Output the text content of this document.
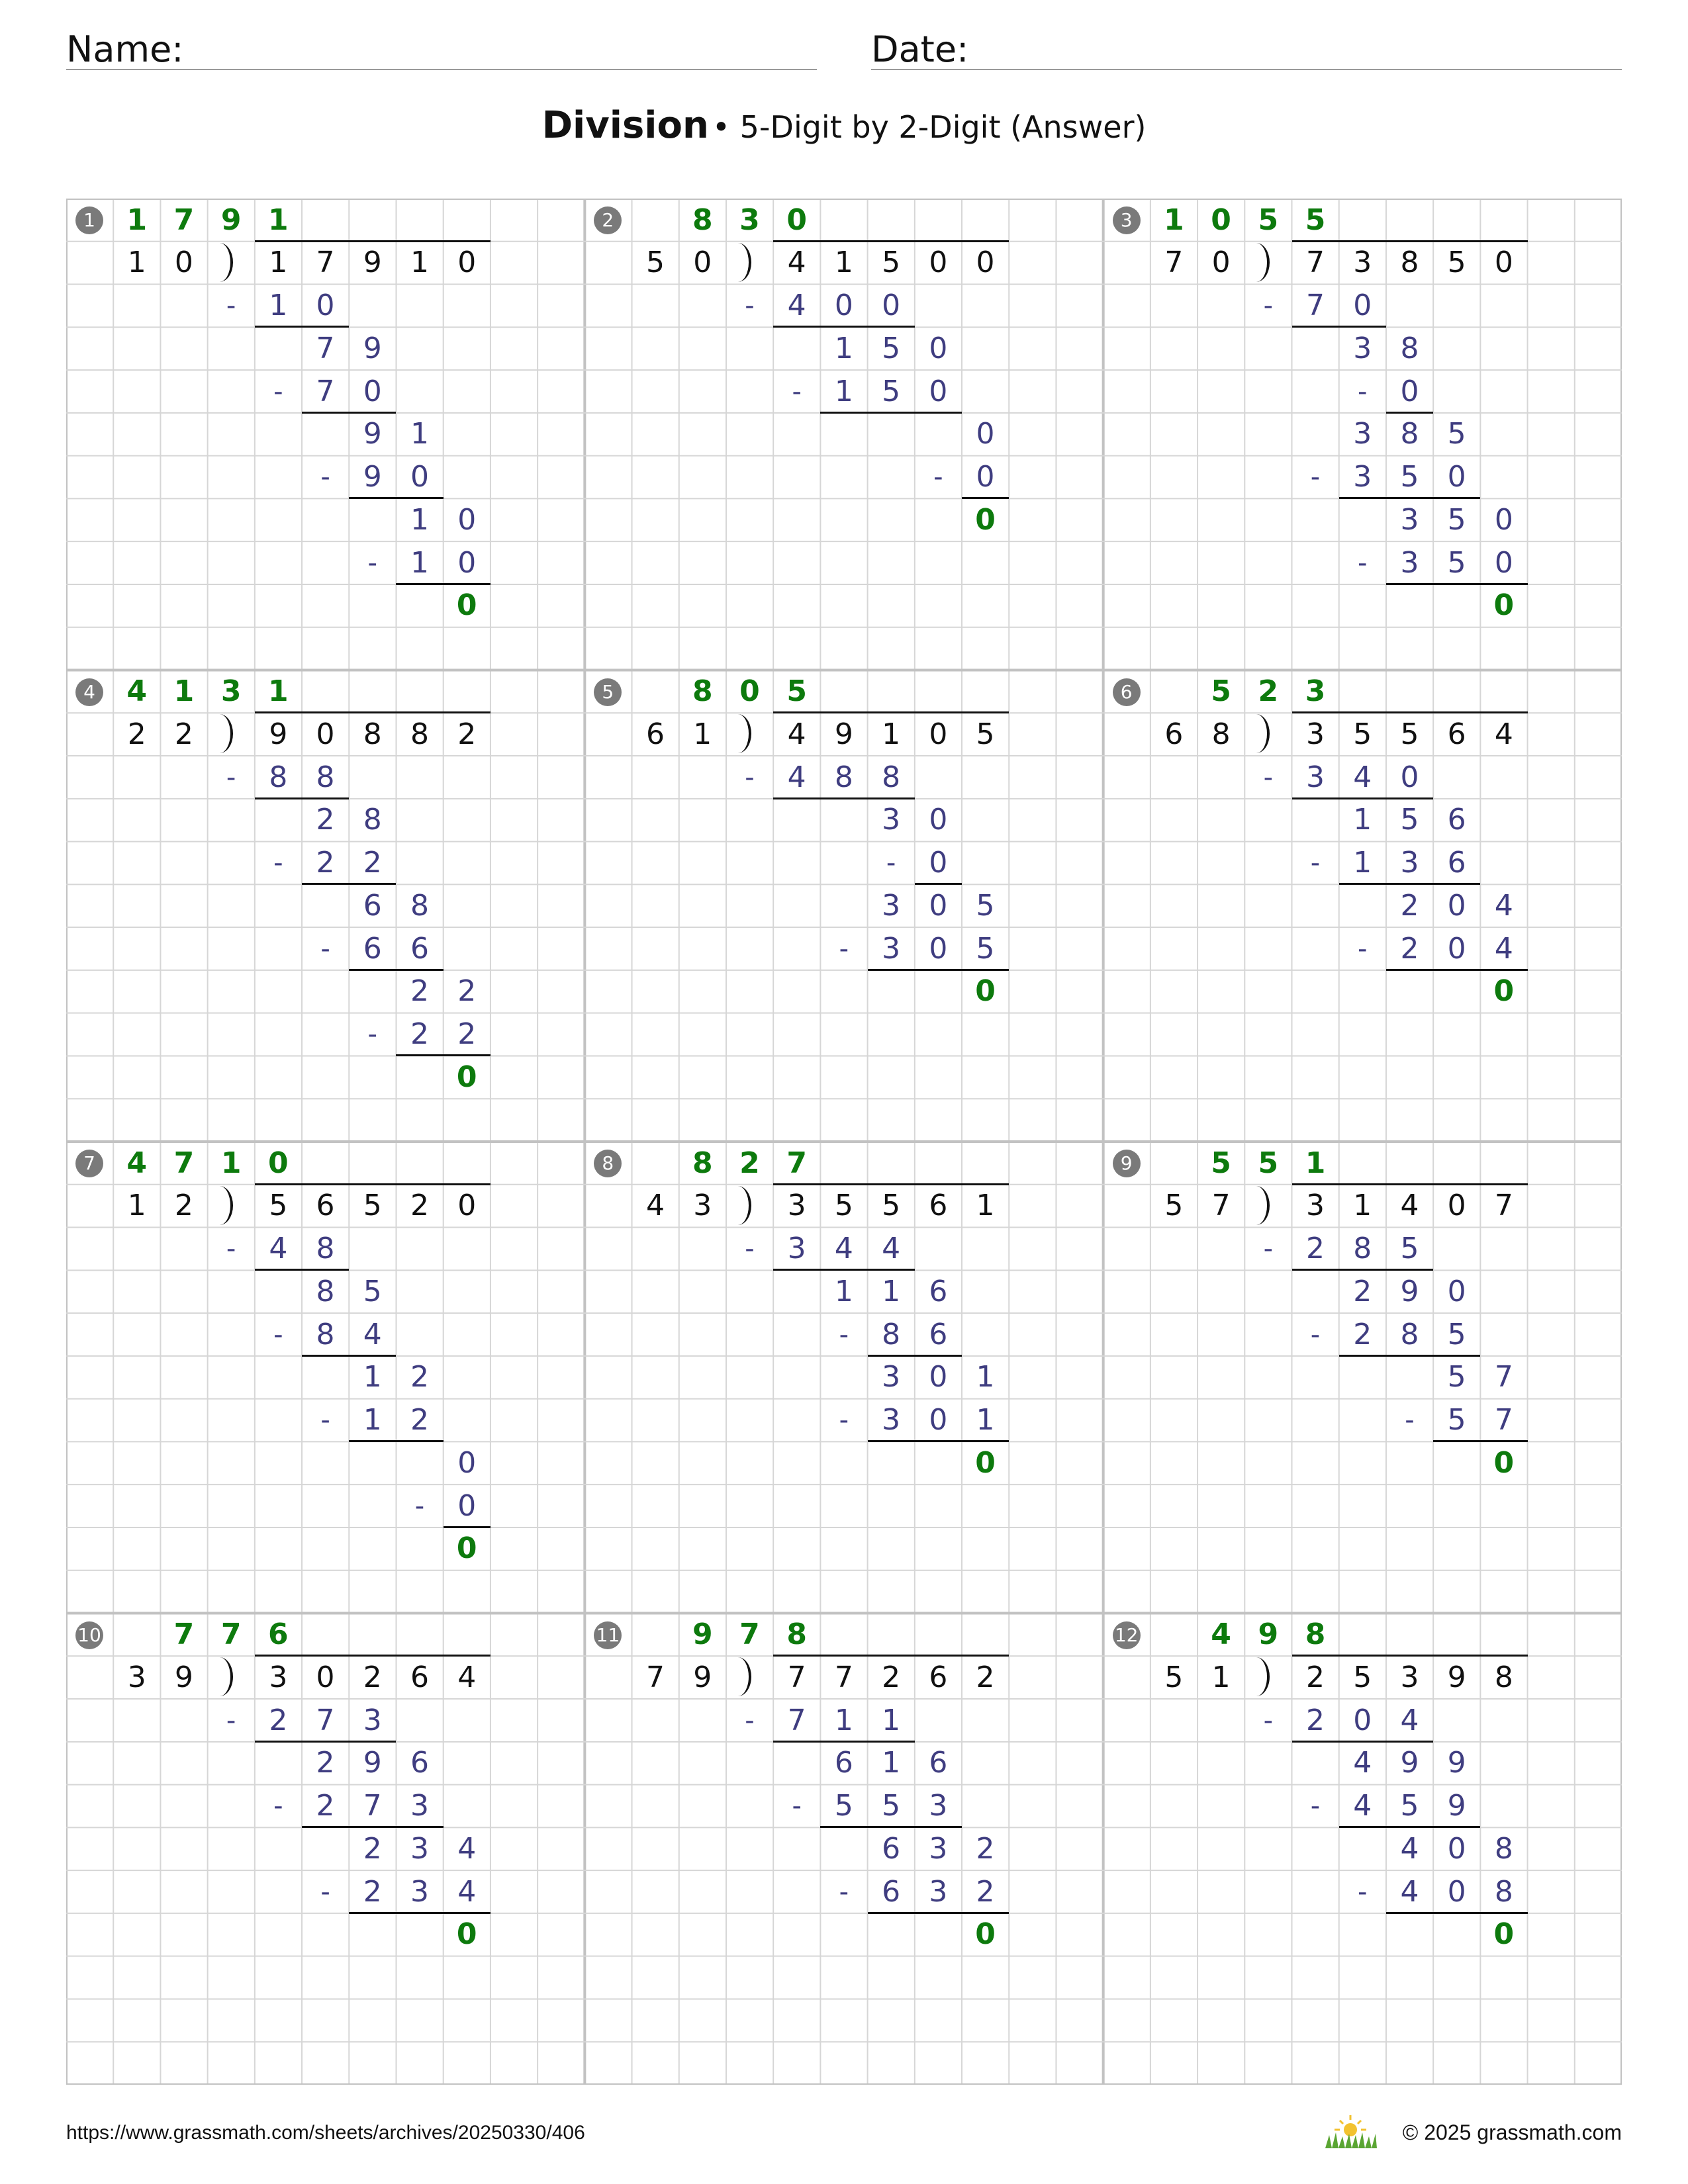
Name:	Date:
Division • 5-Digit by 2-Digit (Answer)
1	1 7 9 1
1 0	1 7 9 1 0
-	1 0
7 9
-	7 0
9 1
-	9 0
1 0
-	1 0
0
2	8 3 0
5 0	4 1 5 0 0
-	4 0 0
1 5 0
-	1 5 0
0
-	0
0
3	1 0 5 5
7 0	7 3 8 5 0
-	7 0
3 8
-	0
3 8 5
-	3 5 0
3 5 0
-	3 5 0
0
4	4 1 3 1
2 2	9 0 8 8 2
-	8 8
2 8
-	2 2
6 8
-	6 6
2 2
-	2 2
0
5	8 0 5
6 1	4 9 1 0 5
-	4 8 8
3 0
-	0
3 0 5
-	3 0 5
0
6	5 2 3
6 8	3 5 5 6 4
-	3 4 0
1 5 6
-	1 3 6
2 0 4
-	2 0 4
0
7	4 7 1 0
1 2	5 6 5 2 0
-	4 8
8 5
-	8 4
1 2
-	1 2
0
-	0
0
8	8 2 7
4 3	3 5 5 6 1
-	3 4 4
1 1 6
-	8 6
3 0 1
-	3 0 1
0
9	5 5 1
5 7	3 1 4 0 7
-	2 8 5
2 9 0
-	2 8 5
5 7
-	5 7
0
10	7 7 6
3 9	3 0 2 6 4
-	2 7 3
2 9 6
-	2 7 3
2 3 4
-	2 3 4
0
11	9 7 8
7 9	7 7 2 6 2
-	7 1 1
6 1 6
-	5 5 3
6 3 2
-	6 3 2
0
12	4 9 8
5 1	2 5 3 9 8
-	2 0 4
4 9 9
-	4 5 9
4 0 8
-	4 0 8
0
https://www.grassmath.com/sheets/archives/20250330/406	© 2025 grassmath.com
